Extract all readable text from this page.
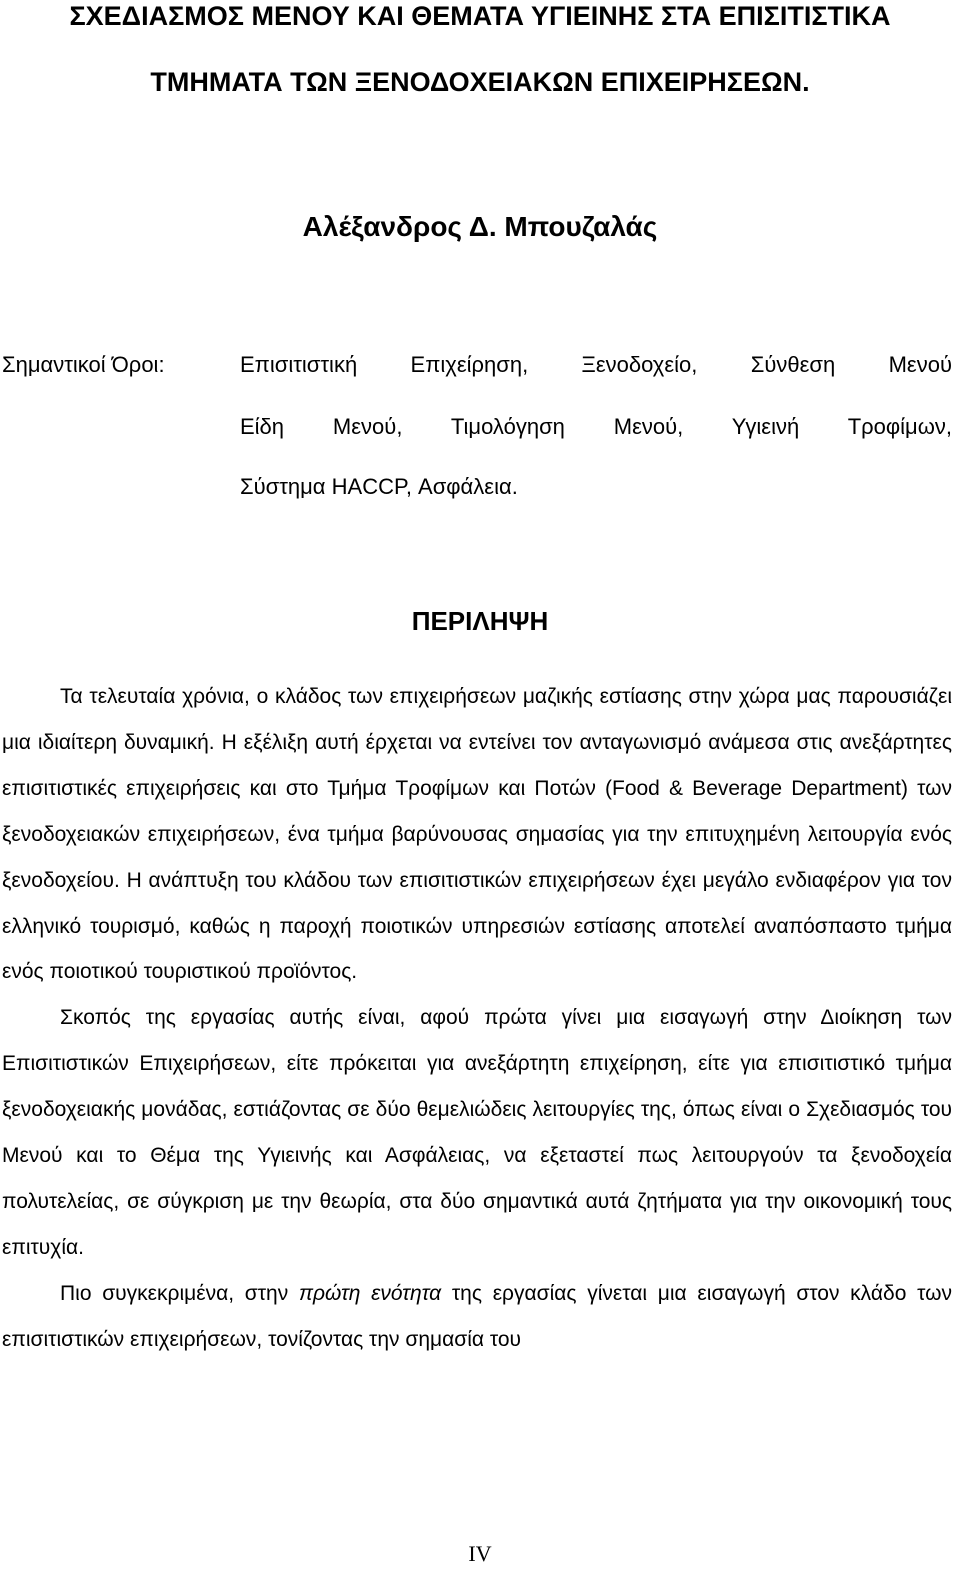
ΣΧΕΔΙΑΣΜΟΣ ΜΕΝΟΥ ΚΑΙ ΘΕΜΑΤΑ ΥΓΙΕΙΝΗΣ ΣΤΑ ΕΠΙΣΙΤΙΣΤΙΚΑ
ΤΜΗΜΑΤΑ ΤΩΝ ΞΕΝΟΔΟΧΕΙΑΚΩΝ ΕΠΙΧΕΙΡΗΣΕΩΝ.
Αλέξανδρος Δ. Μπουζαλάς
Σημαντικοί Όροι:	Επισιτιστική Επιχείρηση, Ξενοδοχείο, Σύνθεση Μενού
Είδη Μενού, Τιμολόγηση Μενού, Υγιεινή Τροφίμων,
Σύστημα HACCP, Ασφάλεια.
ΠΕΡΙΛΗΨΗ

Τα τελευταία χρόνια, ο κλάδος των επιχειρήσεων μαζικής εστίασης στην χώρα μας παρουσιάζει μια ιδιαίτερη δυναμική. Η εξέλιξη αυτή έρχεται να εντείνει τον ανταγωνισμό ανάμεσα στις ανεξάρτητες επισιτιστικές επιχειρήσεις και στο Τμήμα Τροφίμων και Ποτών (Food & Beverage Department) των ξενοδοχειακών επιχειρήσεων, ένα τμήμα βαρύνουσας σημασίας για την επιτυχημένη λειτουργία ενός ξενοδοχείου. Η ανάπτυξη του κλάδου των επισιτιστικών επιχειρήσεων έχει μεγάλο ενδιαφέρον για τον ελληνικό τουρισμό, καθώς η παροχή ποιοτικών υπηρεσιών εστίασης αποτελεί αναπόσπαστο τμήμα ενός ποιοτικού τουριστικού προϊόντος.

Σκοπός της εργασίας αυτής είναι, αφού πρώτα γίνει μια εισαγωγή στην Διοίκηση των Επισιτιστικών Επιχειρήσεων, είτε πρόκειται για ανεξάρτητη επιχείρηση, είτε για επισιτιστικό τμήμα ξενοδοχειακής μονάδας, εστιάζοντας σε δύο θεμελιώδεις λειτουργίες της, όπως είναι ο Σχεδιασμός του Μενού και το Θέμα της Υγιεινής και Ασφάλειας, να εξεταστεί πως λειτουργούν τα ξενοδοχεία πολυτελείας, σε σύγκριση με την θεωρία, στα δύο σημαντικά αυτά ζητήματα για την οικονομική τους επιτυχία.

Πιο συγκεκριμένα, στην πρώτη ενότητα της εργασίας γίνεται μια εισαγωγή στον κλάδο των επισιτιστικών επιχειρήσεων, τονίζοντας την σημασία του

IV
